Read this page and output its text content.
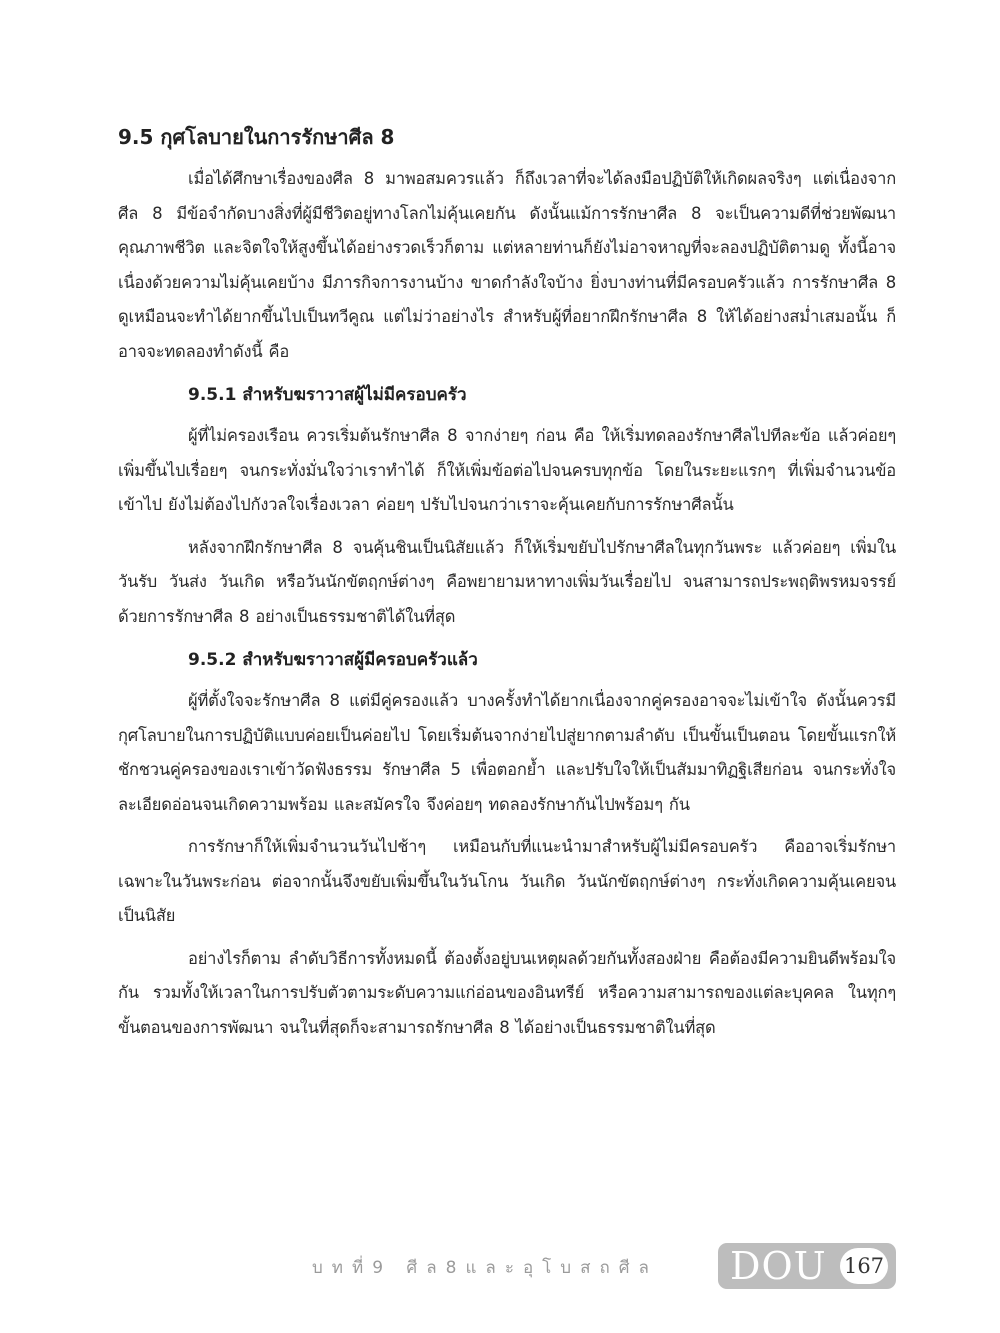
9.5 กุศโลบายในการรักษาศีล 8

เมื่อได้ศึกษาเรื่องของศีล 8 มาพอสมควรแล้ว ก็ถึงเวลาที่จะได้ลงมือปฏิบัติให้เกิดผลจริงๆ แต่เนื่องจากศีล 8 มีข้อจำกัดบางสิ่งที่ผู้มีชีวิตอยู่ทางโลกไม่คุ้นเคยกัน ดังนั้นแม้การรักษาศีล 8 จะเป็นความดีที่ช่วยพัฒนาคุณภาพชีวิต และจิตใจให้สูงขึ้นได้อย่างรวดเร็วก็ตาม แต่หลายท่านก็ยังไม่อาจหาญที่จะลองปฏิบัติตามดู ทั้งนี้อาจเนื่องด้วยความไม่คุ้นเคยบ้าง มีภารกิจการงานบ้าง ขาดกำลังใจบ้าง ยิ่งบางท่านที่มีครอบครัวแล้ว การรักษาศีล 8 ดูเหมือนจะทำได้ยากขึ้นไปเป็นทวีคูณ แต่ไม่ว่าอย่างไร สำหรับผู้ที่อยากฝึกรักษาศีล 8 ให้ได้อย่างสม่ำเสมอนั้น ก็อาจจะทดลองทำดังนี้ คือ

9.5.1 สำหรับฆราวาสผู้ไม่มีครอบครัว

ผู้ที่ไม่ครองเรือน ควรเริ่มต้นรักษาศีล 8 จากง่ายๆ ก่อน คือ ให้เริ่มทดลองรักษาศีลไปทีละข้อ แล้วค่อยๆ เพิ่มขึ้นไปเรื่อยๆ จนกระทั่งมั่นใจว่าเราทำได้ ก็ให้เพิ่มข้อต่อไปจนครบทุกข้อ โดยในระยะแรกๆ ที่เพิ่มจำนวนข้อเข้าไป ยังไม่ต้องไปกังวลใจเรื่องเวลา ค่อยๆ ปรับไปจนกว่าเราจะคุ้นเคยกับการรักษาศีลนั้น

หลังจากฝึกรักษาศีล 8 จนคุ้นชินเป็นนิสัยแล้ว ก็ให้เริ่มขยับไปรักษาศีลในทุกวันพระ แล้วค่อยๆ เพิ่มในวันรับ วันส่ง วันเกิด หรือวันนักขัตฤกษ์ต่างๆ คือพยายามหาทางเพิ่มวันเรื่อยไป จนสามารถประพฤติพรหมจรรย์ด้วยการรักษาศีล 8 อย่างเป็นธรรมชาติได้ในที่สุด

9.5.2 สำหรับฆราวาสผู้มีครอบครัวแล้ว

ผู้ที่ตั้งใจจะรักษาศีล 8 แต่มีคู่ครองแล้ว บางครั้งทำได้ยากเนื่องจากคู่ครองอาจจะไม่เข้าใจ ดังนั้นควรมีกุศโลบายในการปฏิบัติแบบค่อยเป็นค่อยไป โดยเริ่มต้นจากง่ายไปสู่ยากตามลำดับ เป็นขั้นเป็นตอน โดยขั้นแรกให้ชักชวนคู่ครองของเราเข้าวัดฟังธรรม รักษาศีล 5 เพื่อตอกย้ำ และปรับใจให้เป็นสัมมาทิฏฐิเสียก่อน จนกระทั่งใจละเอียดอ่อนจนเกิดความพร้อม และสมัครใจ จึงค่อยๆ ทดลองรักษากันไปพร้อมๆ กัน

การรักษาก็ให้เพิ่มจำนวนวันไปช้าๆ เหมือนกับที่แนะนำมาสำหรับผู้ไม่มีครอบครัว คืออาจเริ่มรักษาเฉพาะในวันพระก่อน ต่อจากนั้นจึงขยับเพิ่มขึ้นในวันโกน วันเกิด วันนักขัตฤกษ์ต่างๆ กระทั่งเกิดความคุ้นเคยจนเป็นนิสัย

อย่างไรก็ตาม ลำดับวิธีการทั้งหมดนี้ ต้องตั้งอยู่บนเหตุผลด้วยกันทั้งสองฝ่าย คือต้องมีความยินดีพร้อมใจกัน รวมทั้งให้เวลาในการปรับตัวตามระดับความแก่อ่อนของอินทรีย์ หรือความสามารถของแต่ละบุคคล ในทุกๆ ขั้นตอนของการพัฒนา จนในที่สุดก็จะสามารถรักษาศีล 8 ได้อย่างเป็นธรรมชาติในที่สุด

บทที่9 ศีล8และอุโบสถศีล DOU 167
